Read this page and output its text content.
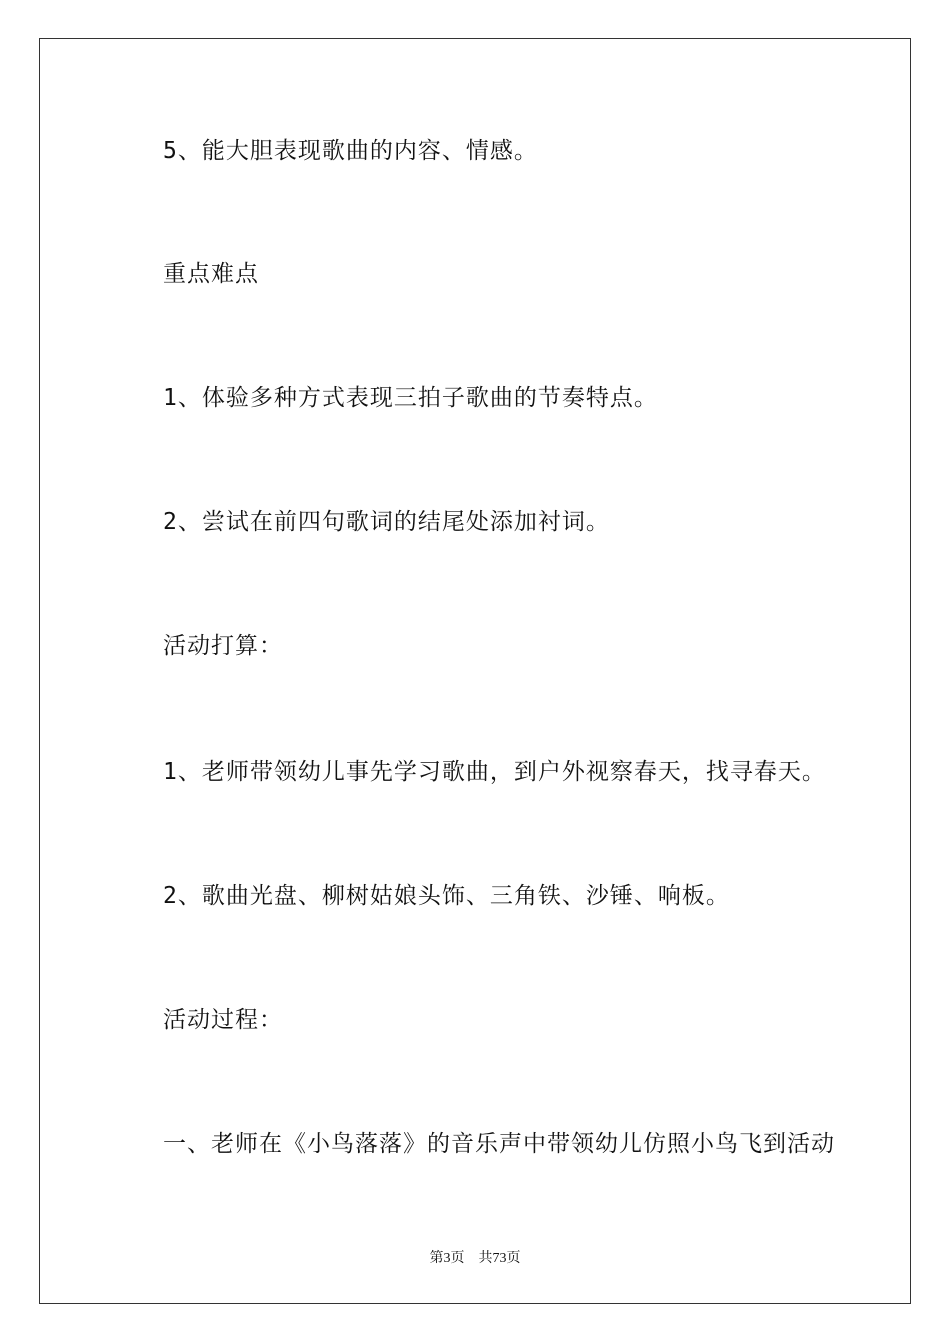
5、能大胆表现歌曲的内容、情感。
重点难点
1、体验多种方式表现三拍子歌曲的节奏特点。
2、尝试在前四句歌词的结尾处添加衬词。
活动打算：
1、老师带领幼儿事先学习歌曲，到户外视察春天，找寻春天。
2、歌曲光盘、柳树姑娘头饰、三角铁、沙锤、响板。
活动过程：
一、老师在《小鸟落落》的音乐声中带领幼儿仿照小鸟飞到活动
第3页 共73页
